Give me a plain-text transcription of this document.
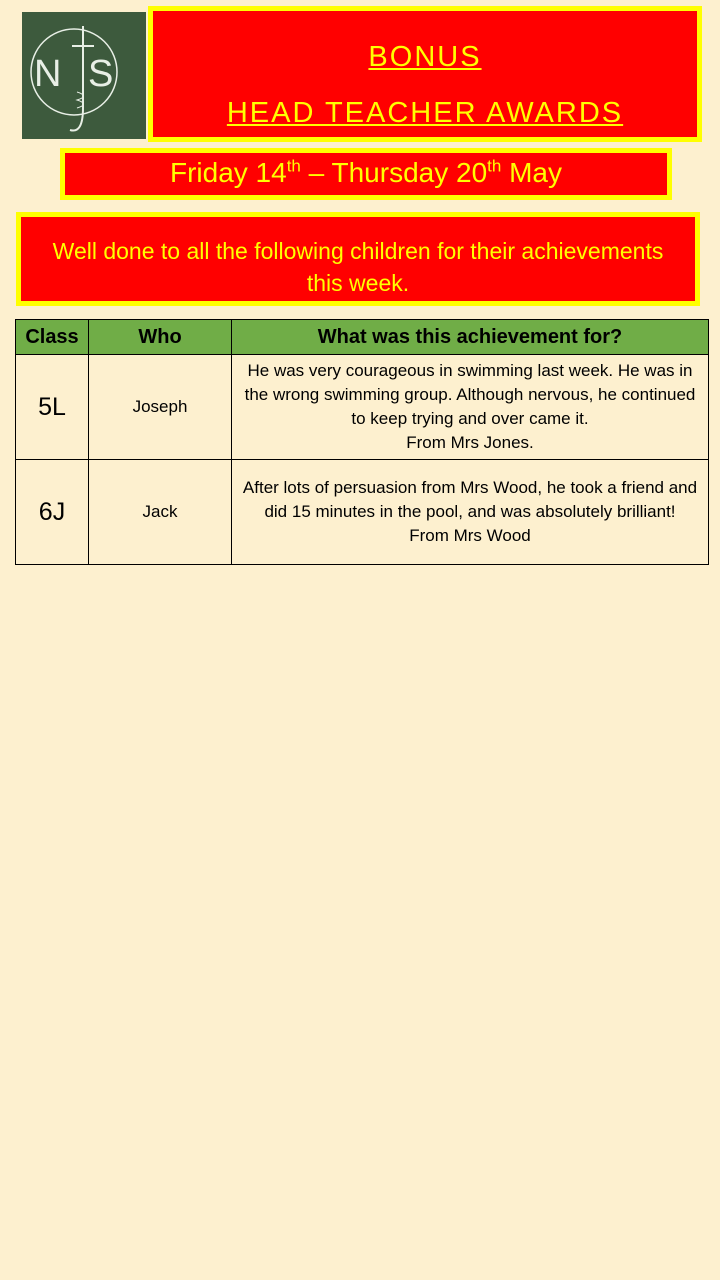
N S	BONUS
HEAD TEACHER AWARDS
Friday 14th – Thursday 20th May
Well done to all the following children for their achievements this week.
Class	Who	What was this achievement for?
5L	Joseph	He was very courageous in swimming last week. He was in the wrong swimming group. Although nervous, he continued to keep trying and over came it.
From Mrs Jones.

6J	Jack	After lots of persuasion from Mrs Wood, he took a friend and did 15 minutes in the pool, and was absolutely brilliant!
From Mrs Wood
